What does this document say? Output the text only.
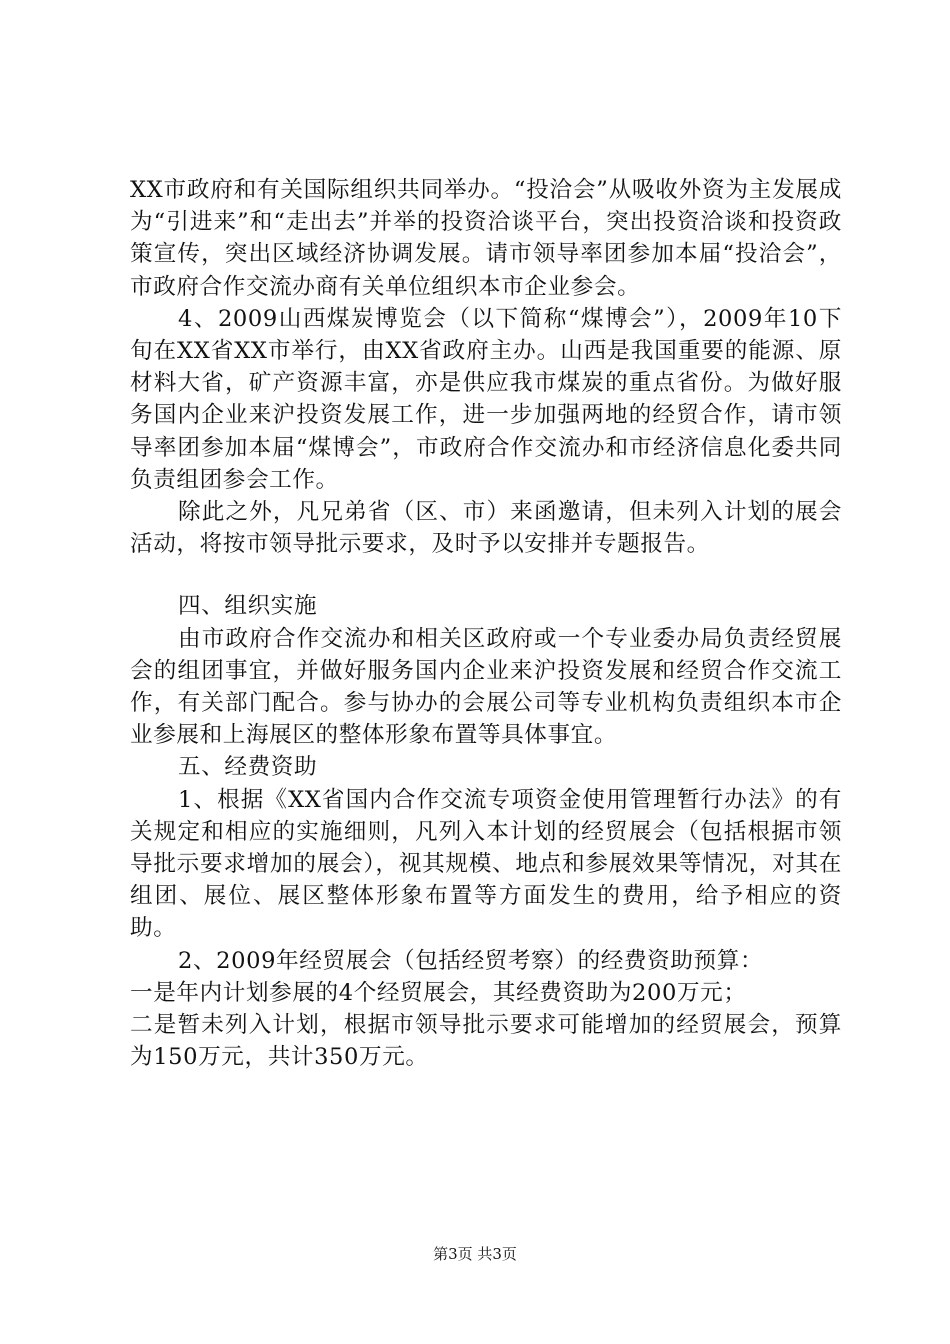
XX市政府和有关国际组织共同举办。“投洽会”从吸收外资为主发展成为“引进来”和“走出去”并举的投资洽谈平台，突出投资洽谈和投资政策宣传，突出区域经济协调发展。请市领导率团参加本届“投洽会”，市政府合作交流办商有关单位组织本市企业参会。

4、2009山西煤炭博览会（以下简称“煤博会”），2009年10下旬在XX省XX市举行，由XX省政府主办。山西是我国重要的能源、原材料大省，矿产资源丰富，亦是供应我市煤炭的重点省份。为做好服务国内企业来沪投资发展工作，进一步加强两地的经贸合作，请市领导率团参加本届“煤博会”，市政府合作交流办和市经济信息化委共同负责组团参会工作。

除此之外，凡兄弟省（区、市）来函邀请，但未列入计划的展会活动，将按市领导批示要求，及时予以安排并专题报告。

四、组织实施

由市政府合作交流办和相关区政府或一个专业委办局负责经贸展会的组团事宜，并做好服务国内企业来沪投资发展和经贸合作交流工作，有关部门配合。参与协办的会展公司等专业机构负责组织本市企业参展和上海展区的整体形象布置等具体事宜。

五、经费资助

1、根据《XX省国内合作交流专项资金使用管理暂行办法》的有关规定和相应的实施细则，凡列入本计划的经贸展会（包括根据市领导批示要求增加的展会），视其规模、地点和参展效果等情况，对其在组团、展位、展区整体形象布置等方面发生的费用，给予相应的资助。

2、2009年经贸展会（包括经贸考察）的经费资助预算：

一是年内计划参展的4个经贸展会，其经费资助为200万元；

二是暂未列入计划，根据市领导批示要求可能增加的经贸展会，预算为150万元，共计350万元。

第3页 共3页
